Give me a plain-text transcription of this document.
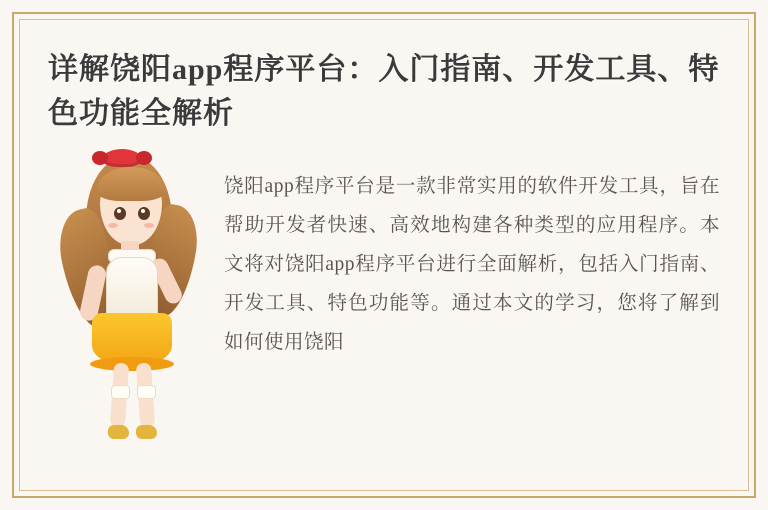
详解饶阳app程序平台：入门指南、开发工具、特色功能全解析

饶阳app程序平台是一款非常实用的软件开发工具，旨在帮助开发者快速、高效地构建各种类型的应用程序。本文将对饶阳app程序平台进行全面解析，包括入门指南、开发工具、特色功能等。通过本文的学习，您将了解到如何使用饶阳
